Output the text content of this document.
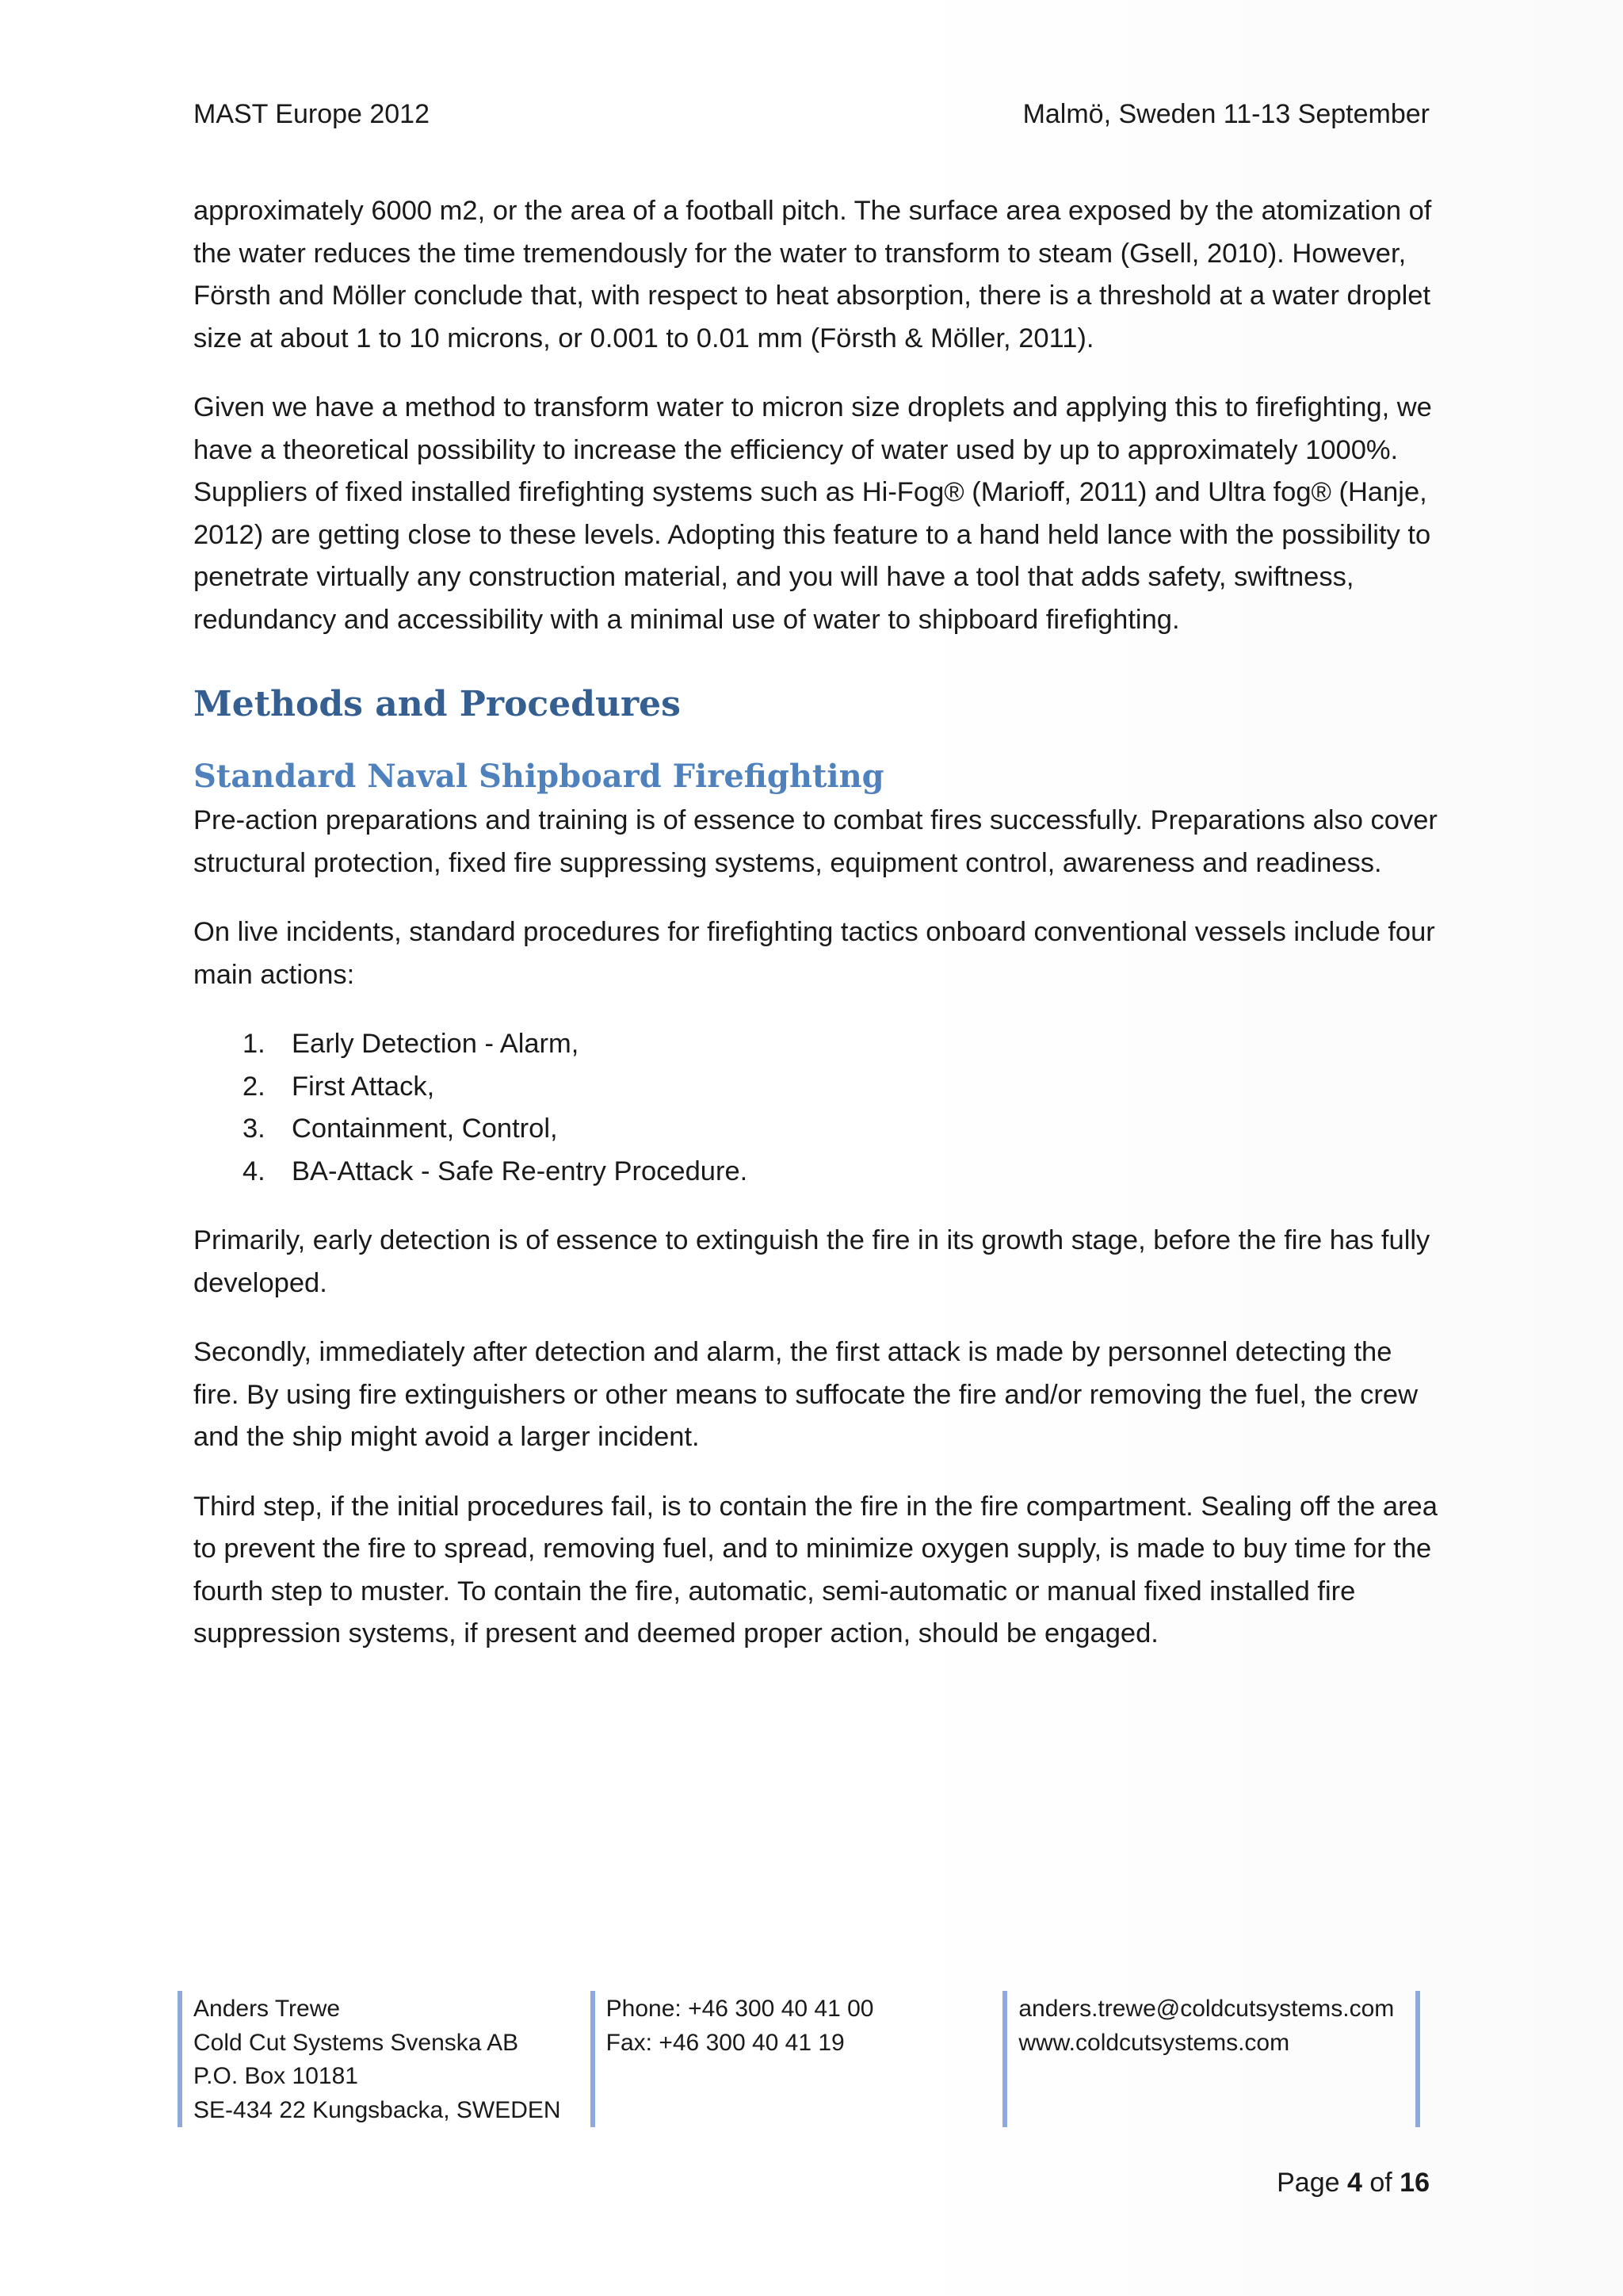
MAST Europe 2012	Malmö, Sweden 11-13 September

approximately 6000 m2, or the area of a football pitch. The surface area exposed by the atomization of the water reduces the time tremendously for the water to transform to steam (Gsell, 2010). However, Försth and Möller conclude that, with respect to heat absorption, there is a threshold at a water droplet size at about 1 to 10 microns, or 0.001 to 0.01 mm (Försth & Möller, 2011).

Given we have a method to transform water to micron size droplets and applying this to firefighting, we have a theoretical possibility to increase the efficiency of water used by up to approximately 1000%. Suppliers of fixed installed firefighting systems such as Hi-Fog® (Marioff, 2011) and Ultra fog® (Hanje, 2012) are getting close to these levels. Adopting this feature to a hand held lance with the possibility to penetrate virtually any construction material, and you will have a tool that adds safety, swiftness, redundancy and accessibility with a minimal use of water to shipboard firefighting.

Methods and Procedures
Standard Naval Shipboard Firefighting

Pre-action preparations and training is of essence to combat fires successfully. Preparations also cover structural protection, fixed fire suppressing systems, equipment control, awareness and readiness.

On live incidents, standard procedures for firefighting tactics onboard conventional vessels include four main actions:

1. Early Detection - Alarm,
2. First Attack,
3. Containment, Control,
4. BA-Attack - Safe Re-entry Procedure.

Primarily, early detection is of essence to extinguish the fire in its growth stage, before the fire has fully developed.

Secondly, immediately after detection and alarm, the first attack is made by personnel detecting the fire. By using fire extinguishers or other means to suffocate the fire and/or removing the fuel, the crew and the ship might avoid a larger incident.

Third step, if the initial procedures fail, is to contain the fire in the fire compartment. Sealing off the area to prevent the fire to spread, removing fuel, and to minimize oxygen supply, is made to buy time for the fourth step to muster. To contain the fire, automatic, semi-automatic or manual fixed installed fire suppression systems, if present and deemed proper action, should be engaged.

Anders Trewe
Cold Cut Systems Svenska AB
P.O. Box 10181
SE-434 22 Kungsbacka, SWEDEN
Phone: +46 300 40 41 00
Fax: +46 300 40 41 19
anders.trewe@coldcutsystems.com
www.coldcutsystems.com
Page 4 of 16
